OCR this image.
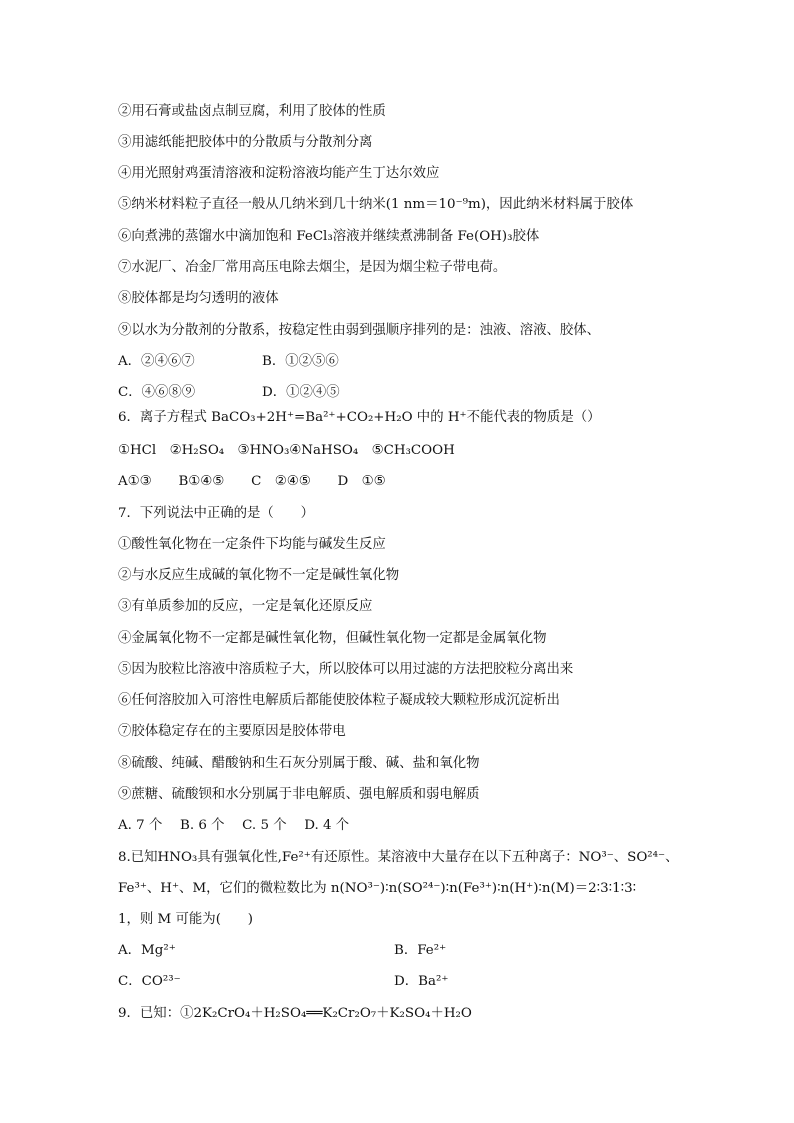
②用石膏或盐卤点制豆腐，利用了胶体的性质
③用滤纸能把胶体中的分散质与分散剂分离
④用光照射鸡蛋清溶液和淀粉溶液均能产生丁达尔效应
⑤纳米材料粒子直径一般从几纳米到几十纳米(1 nm＝10⁻⁹m)，因此纳米材料属于胶体
⑥向煮沸的蒸馏水中滴加饱和 FeCl₃溶液并继续煮沸制备 Fe(OH)₃胶体
⑦水泥厂、冶金厂常用高压电除去烟尘，是因为烟尘粒子带电荷。
⑧胶体都是均匀透明的液体
⑨以水为分散剂的分散系，按稳定性由弱到强顺序排列的是：浊液、溶液、胶体、
A．②④⑥⑦	B．①②⑤⑥
C．④⑥⑧⑨	D．①②④⑤
6．离子方程式 BaCO₃+2H⁺=Ba²⁺+CO₂+H₂O 中的 H⁺不能代表的物质是（）
①HCl　②H₂SO₄　③HNO₃④NaHSO₄　⑤CH₃COOH
A①③　　B①④⑤　　C　②④⑤　　D　①⑤
7．下列说法中正确的是（　　）
①酸性氧化物在一定条件下均能与碱发生反应
②与水反应生成碱的氧化物不一定是碱性氧化物
③有单质参加的反应，一定是氧化还原反应
④金属氧化物不一定都是碱性氧化物，但碱性氧化物一定都是金属氧化物
⑤因为胶粒比溶液中溶质粒子大，所以胶体可以用过滤的方法把胶粒分离出来
⑥任何溶胶加入可溶性电解质后都能使胶体粒子凝成较大颗粒形成沉淀析出
⑦胶体稳定存在的主要原因是胶体带电
⑧硫酸、纯碱、醋酸钠和生石灰分别属于酸、碱、盐和氧化物
⑨蔗糖、硫酸钡和水分别属于非电解质、强电解质和弱电解质
A. 7 个　 B. 6 个　 C. 5 个　 D. 4 个
8.已知HNO₃具有强氧化性,Fe²⁺有还原性。某溶液中大量存在以下五种离子：NO³⁻、SO²⁴⁻、
Fe³⁺、H⁺、M，它们的微粒数比为 n(NO³⁻)∶n(SO²⁴⁻)∶n(Fe³⁺)∶n(H⁺)∶n(M)＝2∶3∶1∶3∶
1，则 M 可能为(　　)
A．Mg²⁺	B．Fe²⁺
C．CO²³⁻	D．Ba²⁺
9．已知：①2K₂CrO₄＋H₂SO₄══K₂Cr₂O₇＋K₂SO₄＋H₂O
